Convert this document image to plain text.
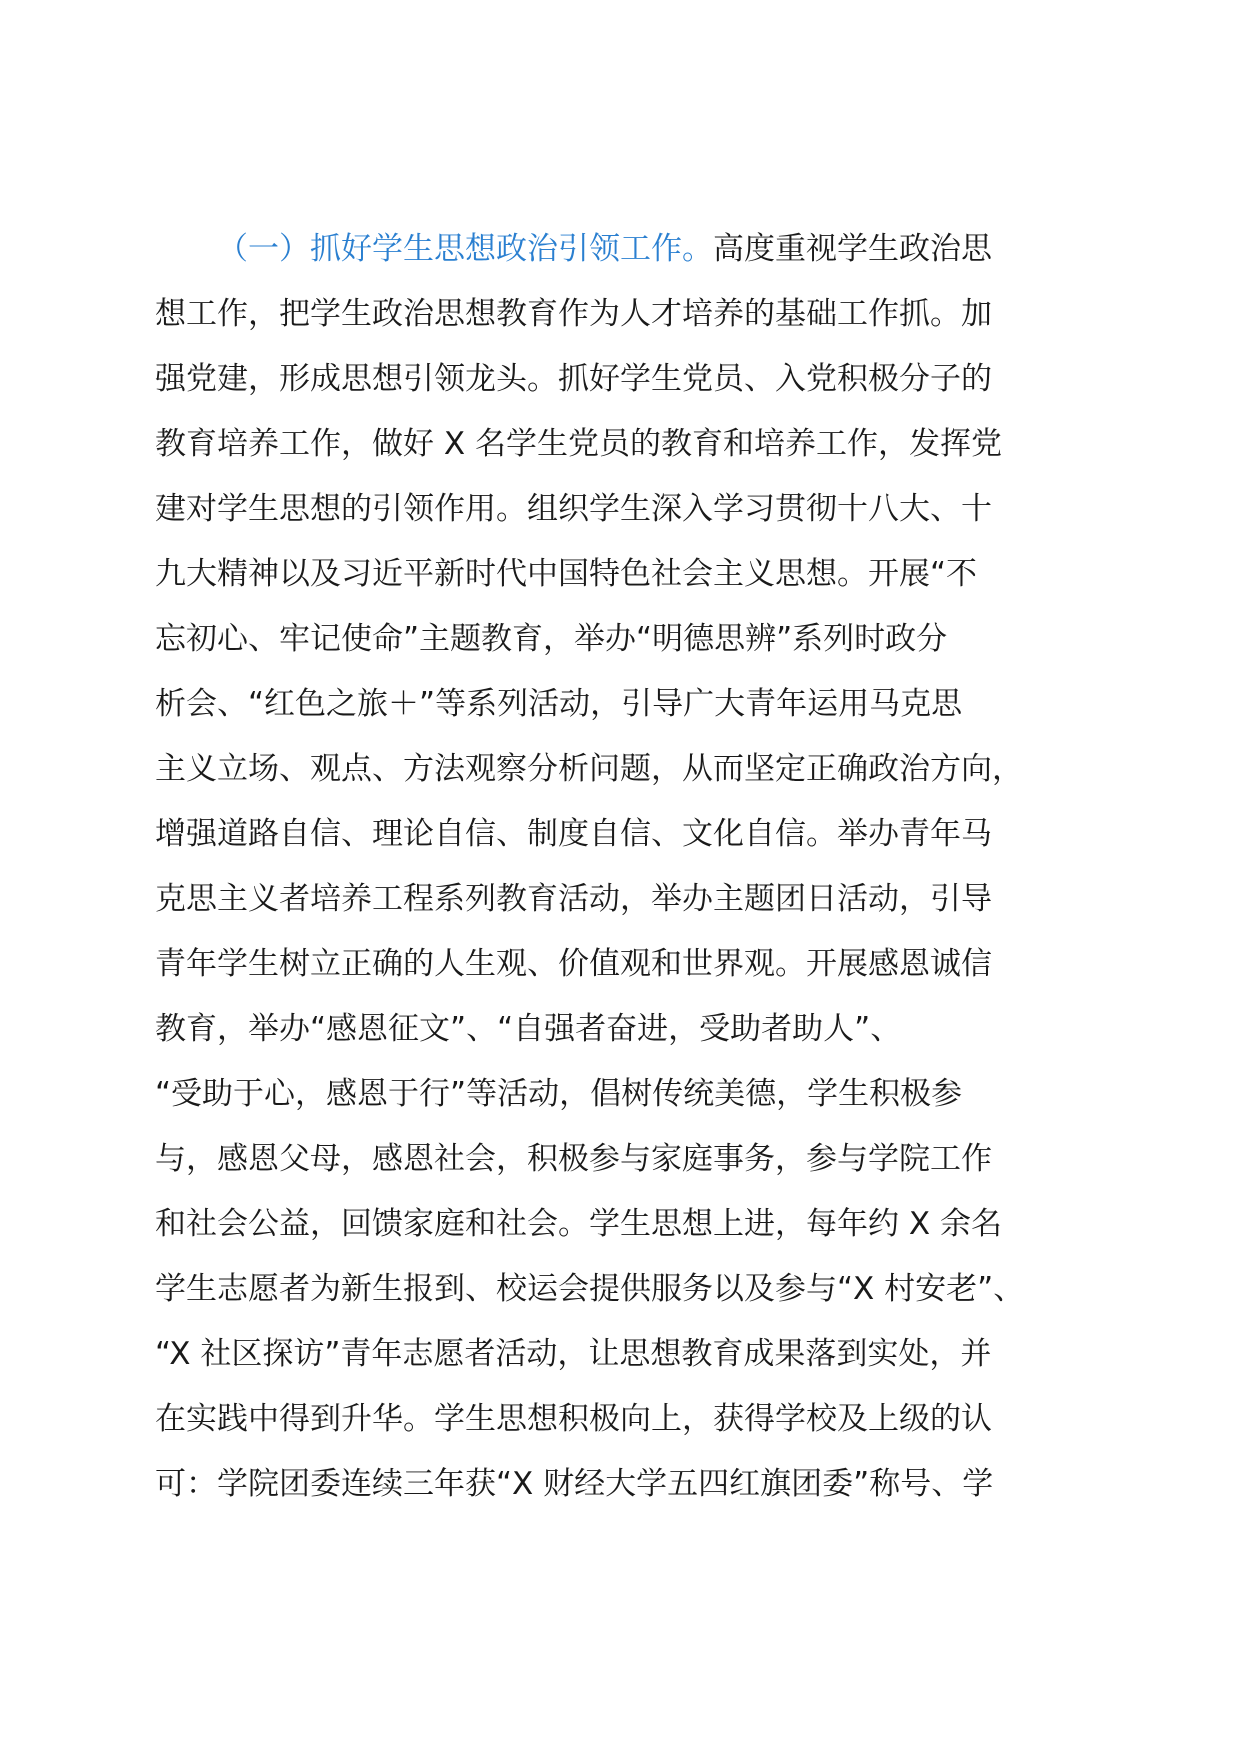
（一）抓好学生思想政治引领工作。高度重视学生政治思
想工作，把学生政治思想教育作为人才培养的基础工作抓。加
强党建，形成思想引领龙头。抓好学生党员、入党积极分子的
教育培养工作，做好 X 名学生党员的教育和培养工作，发挥党
建对学生思想的引领作用。组织学生深入学习贯彻十八大、十
九大精神以及习近平新时代中国特色社会主义思想。开展“不
忘初心、牢记使命”主题教育，举办“明德思辨”系列时政分
析会、“红色之旅＋”等系列活动，引导广大青年运用马克思
主义立场、观点、方法观察分析问题，从而坚定正确政治方向，
增强道路自信、理论自信、制度自信、文化自信。举办青年马
克思主义者培养工程系列教育活动，举办主题团日活动，引导
青年学生树立正确的人生观、价值观和世界观。开展感恩诚信
教育，举办“感恩征文”、“自强者奋进，受助者助人”、
“受助于心，感恩于行”等活动，倡树传统美德，学生积极参
与，感恩父母，感恩社会，积极参与家庭事务，参与学院工作
和社会公益，回馈家庭和社会。学生思想上进，每年约 X 余名
学生志愿者为新生报到、校运会提供服务以及参与“X 村安老”、
“X 社区探访”青年志愿者活动，让思想教育成果落到实处，并
在实践中得到升华。学生思想积极向上，获得学校及上级的认
可：学院团委连续三年获“X 财经大学五四红旗团委”称号、学
